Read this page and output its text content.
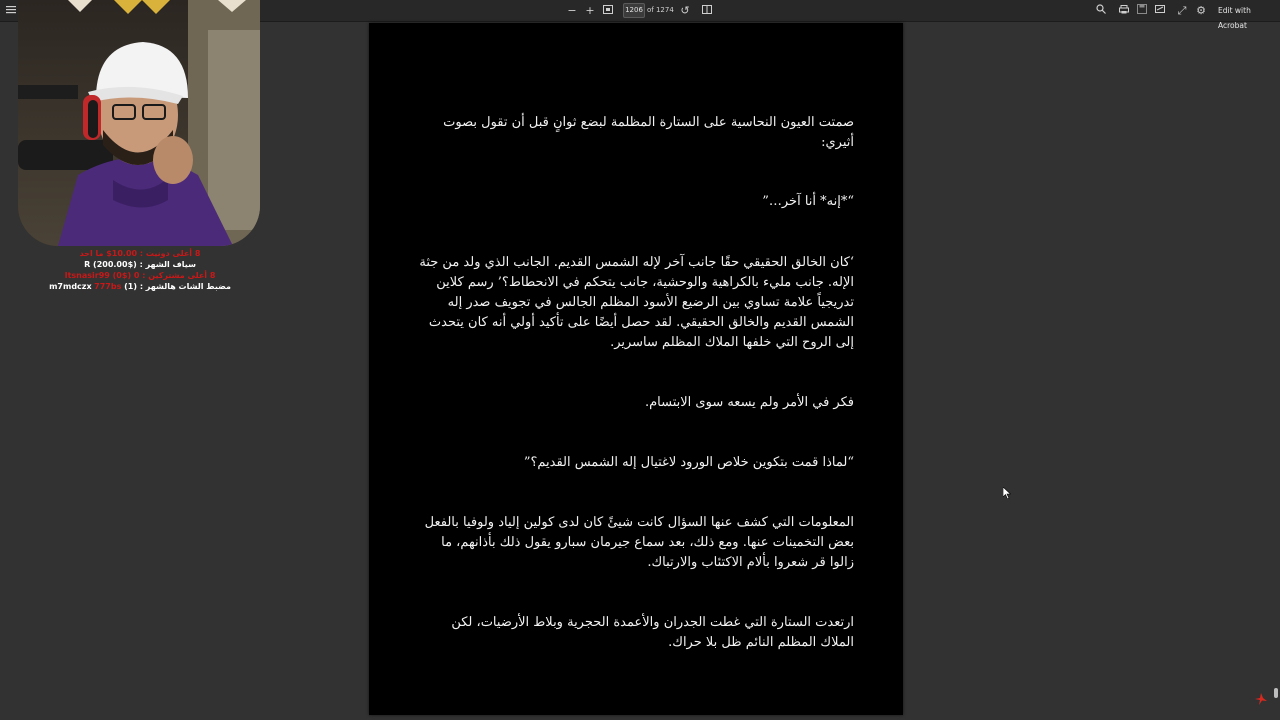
− +
1206	of 1274 ↺	⤢ ⚙ Edit with Acrobat
8 أعلى دونيت : 10.00$ ما احد
سياف الشهر : ($200.00) R
8 أعلى مشتركين : 0 ($0) Itsnasir99
مضبط الشات هالشهر : (1) m7mdczx 777bs
صمتت العيون النحاسية على الستارة المظلمة لبضع ثوانٍ قبل أن تقول بصوت أثيري:
“*إنه* أنا آخر…”
‘كان الخالق الحقيقي حقًا جانب آخر لإله الشمس القديم. الجانب الذي ولد من جثة الإله. جانب مليء بالكراهية والوحشية، جانب يتحكم في الانحطاط؟’ رسم كلاين تدريجياً علامة تساوي بين الرضيع الأسود المظلم الجالس في تجويف صدر إله الشمس القديم والخالق الحقيقي. لقد حصل أيضًا على تأكيد أولي أنه كان يتحدث إلى الروح التي خلفها الملاك المظلم ساسرير.
فكر في الأمر ولم يسعه سوى الابتسام.
“لماذا قمت بتكوين خلاص الورود لاغتيال إله الشمس القديم؟”
المعلومات التي كشف عنها السؤال كانت شيئً كان لدى كولين إلياد ولوفيا بالفعل بعض التخمينات عنها. ومع ذلك، بعد سماع جيرمان سبارو يقول ذلك بأذانهم، ما زالوا قر شعروا بألام الاكتئاب والارتباك.
ارتعدت الستارة التي غطت الجدران والأعمدة الحجرية وبلاط الأرضيات، لكن الملاك المظلم النائم ظل بلا حراك.
